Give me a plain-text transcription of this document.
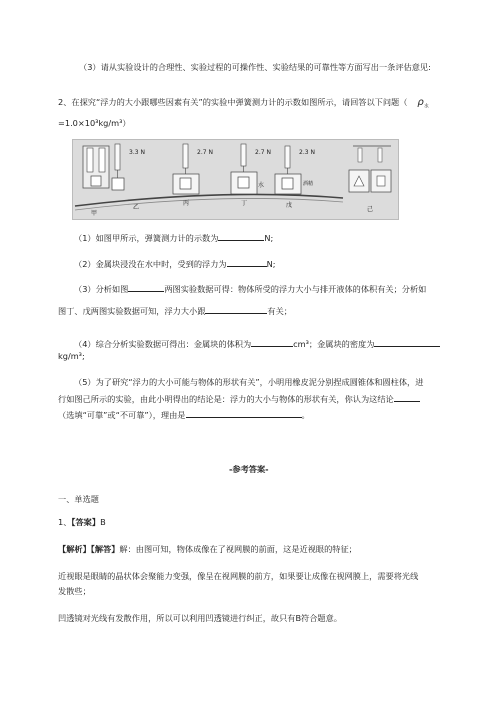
（3）请从实验设计的合理性、实验过程的可操作性、实验结果的可靠性等方面写出一条评估意见:
2、在探究“浮力的大小跟哪些因素有关”的实验中弹簧测力计的示数如图所示，请回答以下问题（ $\rho_水$
=1.0×10³kg/m³）
3.3 N	2.7 N	2.7 N	2.3 N
水	酒精
甲
乙
丙	丁	戊
己
（1）如图甲所示，弹簧测力计的示数为	N;
（2）金属块浸没在水中时，受到的浮力为	N;
（3）分析如图	两图实验数据可得：物体所受的浮力大小与排开液体的体积有关；分析如
图丁、戊两图实验数据可知，浮力大小跟	有关；
（4）综合分析实验数据可得出：金属块的体积为	cm³；金属块的密度为
kg/m³;
（5）为了研究“浮力的大小可能与物体的形状有关”，小明用橡皮泥分别捏成圆锥体和圆柱体，进
行如图己所示的实验，由此小明得出的结论是：浮力的大小与物体的形状有关，你认为这结论
（选填“可靠”或“不可靠”），理由是	。
-参考答案-
一、单选题
1、【答案】B
【解析】【解答】解：由图可知，物体成像在了视网膜的前面，这是近视眼的特征；
近视眼是眼睛的晶状体会聚能力变强，像呈在视网膜的前方，如果要让成像在视网膜上，需要将光线
发散些；
凹透镜对光线有发散作用，所以可以利用凹透镜进行纠正，故只有B符合题意。
